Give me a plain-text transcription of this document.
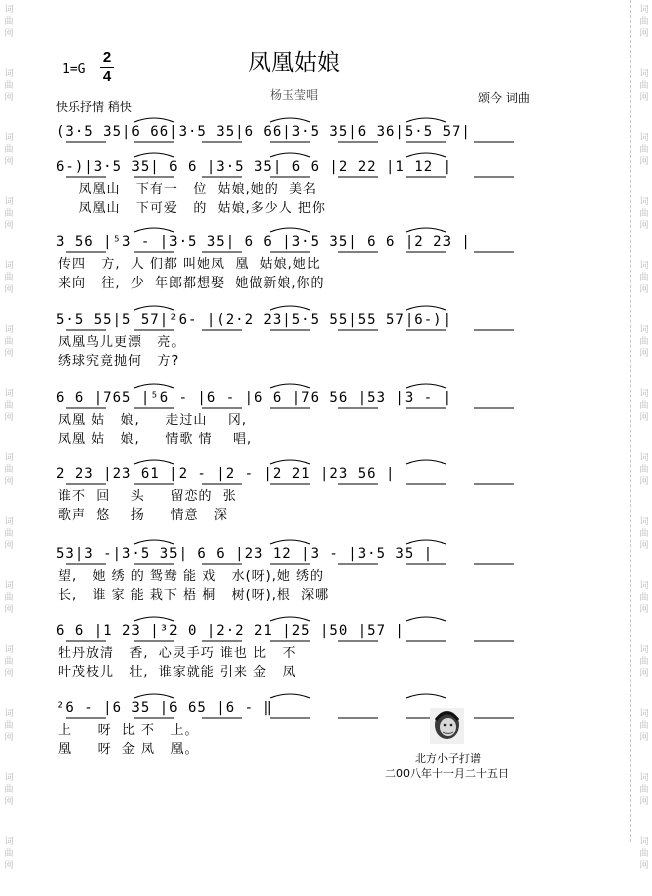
词
曲
网
词
曲
网
词
曲
网
词
曲
网
词
曲
网
词
曲
网
词
曲
网
词
曲
网
词
曲
网
词
曲
网
词
曲
网
词
曲
网
词
曲
网
词
曲
网
词
曲
网
词
曲
网
词
曲
网
词
曲
网
词
曲
网
词
曲
网
词
曲
网
词
曲
网
词
曲
网
词
曲
网
词
曲
网
词
曲
网
词
曲
网
词
曲
网
1=G
2
4
凤凰姑娘
杨玉莹唱	颂今 词曲
快乐抒情 稍快
(3·5 35|6 66|3·5 35|6 66|3·5 35|6 36|5·5 57|
6-)|3·5 35| 6 6 |3·5 35| 6 6 |2 22 |1 12 |
凤凰山   下有一   位  姑娘,她的  美名
凤凰山   下可爱   的  姑娘,多少人 把你
3 56 |⁵3 - |3·5 35| 6 6 |3·5 35| 6 6 |2 23 |
传四   方,  人 们都 叫她凤  凰  姑娘,她比
来向   往,  少  年郎都想娶  她做新娘,你的
5·5 55|5 57|²6- |(2·2 23|5·5 55|55 57|6-)|
凤凰鸟儿更漂   亮。
绣球究竟抛何   方?
6 6 |765 |⁵6 - |6 - |6 6 |76 56 |53 |3 - |
凤凰 姑   娘,     走过山    冈,
凤凰 姑   娘,     情歌 情    唱,
2 23 |23 61 |2 - |2 - |2 21 |23 56 |
谁不  回    头     留恋的  张
歌声  悠    扬     情意   深
53|3 -|3·5 35| 6 6 |23 12 |3 - |3·5 35 |
望,   她 绣 的 鸳鸯 能 戏   水(呀),她 绣的
长,   谁 家 能 栽下 梧 桐   树(呀),根  深哪
6 6 |1 23 |³2 0 |2·2 21 |25 |50 |57 |
牡丹放清   香,  心灵手巧 谁也 比   不
叶茂枝儿   壮,  谁家就能 引来 金   凤
²6 - |6 35 |6 65 |6 - ‖
上     呀  比 不   上。
凰     呀  金 凤   凰。
北方小子打谱
二00八年十一月二十五日
